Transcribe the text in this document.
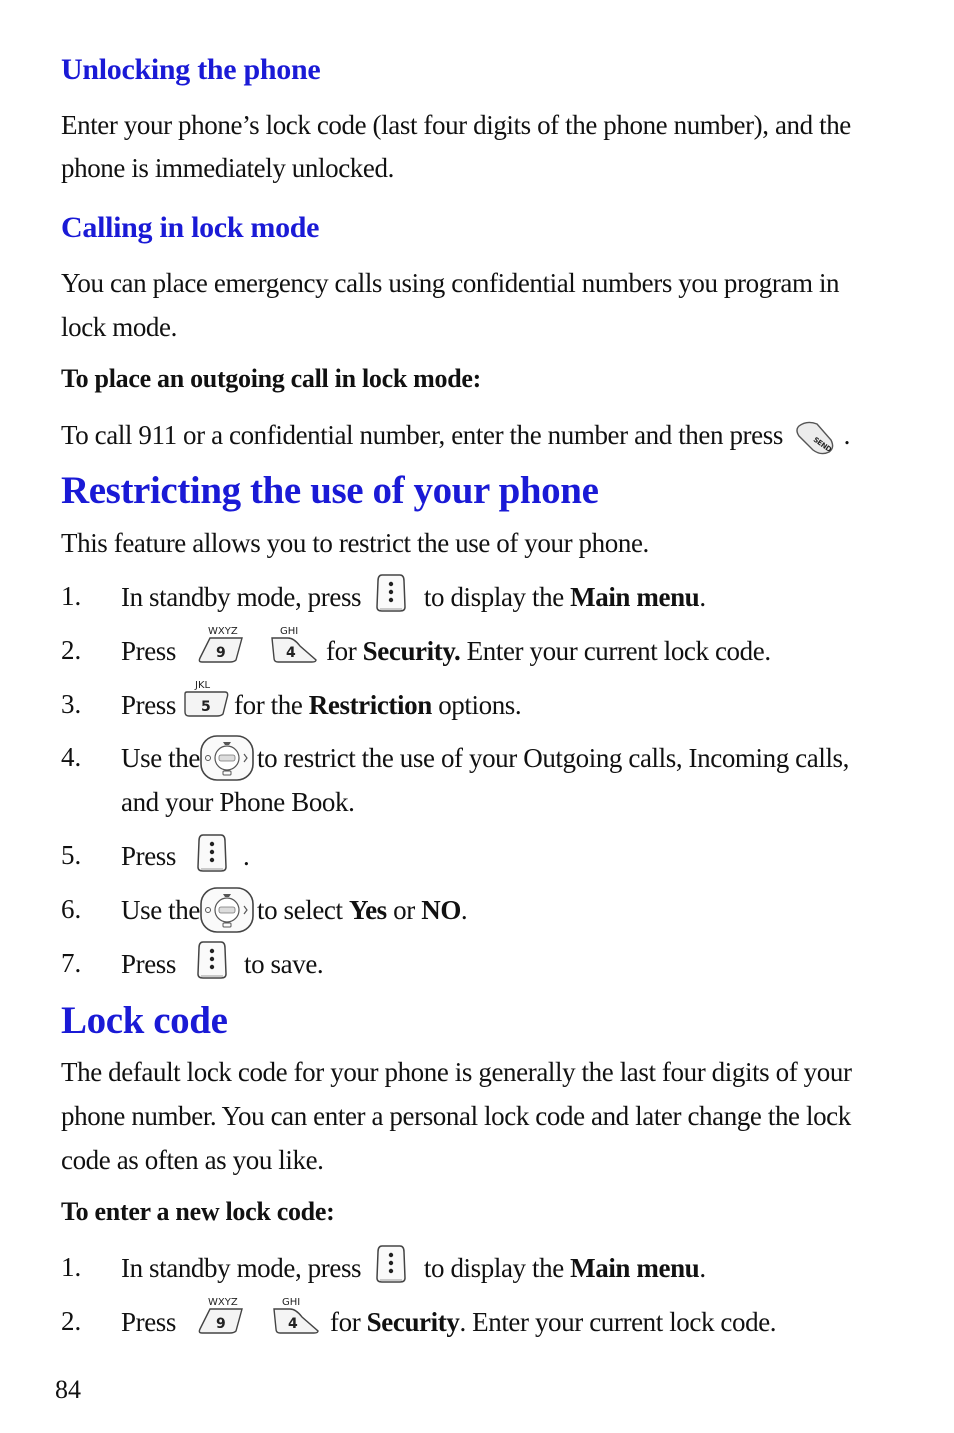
Unlocking the phone
Enter your phone’s lock code (last four digits of the phone number), and the
phone is immediately unlocked.
Calling in lock mode
You can place emergency calls using confidential numbers you program in
lock mode.
To place an outgoing call in lock mode:
To call 911 or a confidential number, enter the number and then press .
Restricting the use of your phone
This feature allows you to restrict the use of your phone.
1. In standby mode, press to display the Main menu.
2. Press
WXYZ
9
GHI
4 for Security. Enter your current lock code.
3. Press
JKL
5 for the Restriction options.
4. Use the to restrict the use of your Outgoing calls, Incoming calls,
and your Phone Book.
5. Press .
6. Use the to select Yes or NO.
7. Press	to save.
Lock code
The default lock code for your phone is generally the last four digits of your
phone number. You can enter a personal lock code and later change the lock
code as often as you like.
To enter a new lock code:
1. In standby mode, press to display the Main menu.
2. Press
WXYZ
9
GHI
4 for Security. Enter your current lock code.
84
